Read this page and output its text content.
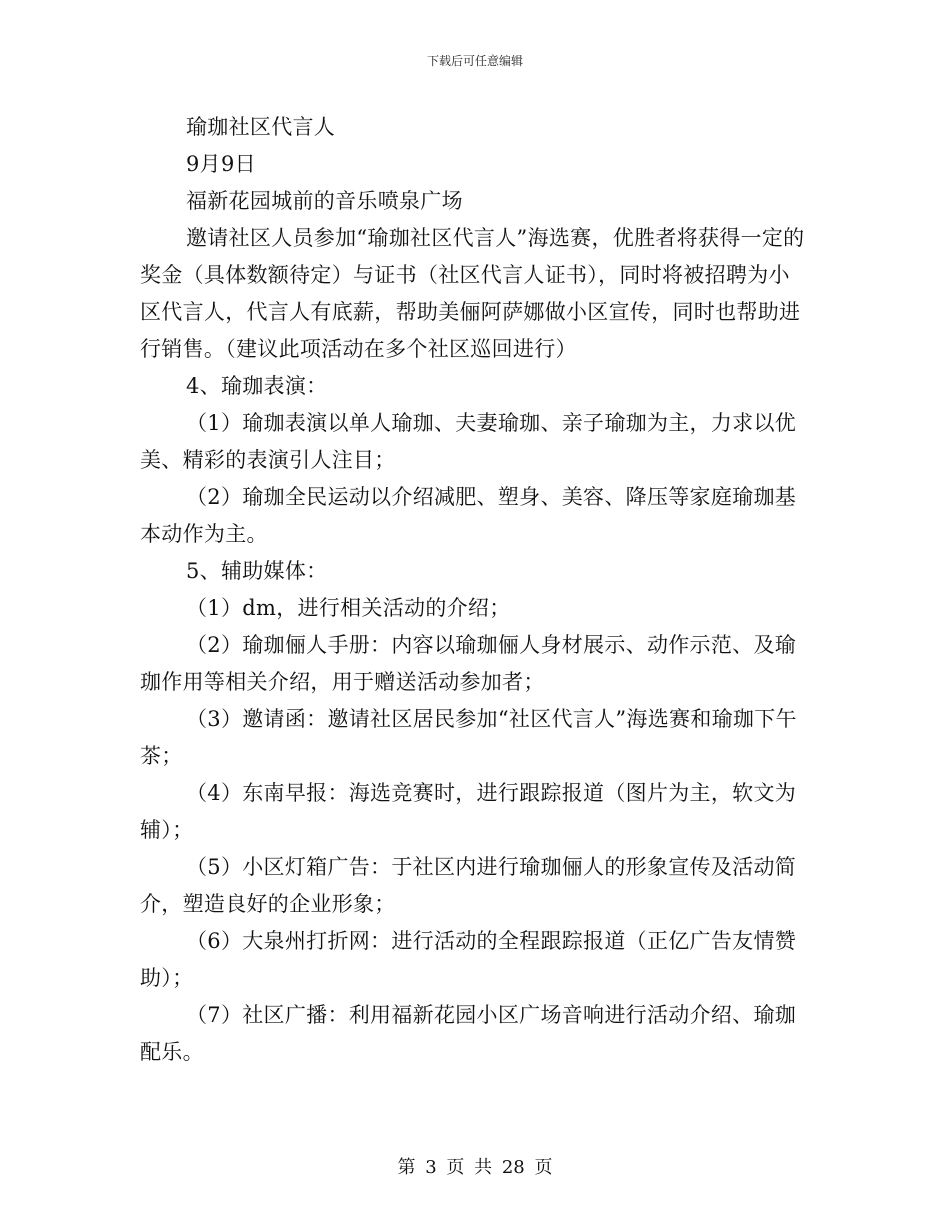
下载后可任意编辑

瑜珈社区代言人

9月9日

福新花园城前的音乐喷泉广场

邀请社区人员参加“瑜珈社区代言人”海选赛，优胜者将获得一定的奖金（具体数额待定）与证书（社区代言人证书），同时将被招聘为小区代言人，代言人有底薪，帮助美俪阿萨娜做小区宣传，同时也帮助进行销售。（建议此项活动在多个社区巡回进行）

4、瑜珈表演：

（1）瑜珈表演以单人瑜珈、夫妻瑜珈、亲子瑜珈为主，力求以优美、精彩的表演引人注目；

（2）瑜珈全民运动以介绍减肥、塑身、美容、降压等家庭瑜珈基本动作为主。

5、辅助媒体：

（1）dm，进行相关活动的介绍；

（2）瑜珈俪人手册：内容以瑜珈俪人身材展示、动作示范、及瑜珈作用等相关介绍，用于赠送活动参加者；

（3）邀请函：邀请社区居民参加“社区代言人”海选赛和瑜珈下午茶；

（4）东南早报：海选竞赛时，进行跟踪报道（图片为主，软文为辅）；

（5）小区灯箱广告：于社区内进行瑜珈俪人的形象宣传及活动简介，塑造良好的企业形象；

（6）大泉州打折网：进行活动的全程跟踪报道（正亿广告友情赞助）；

（7）社区广播：利用福新花园小区广场音响进行活动介绍、瑜珈配乐。

第 3 页 共 28 页
